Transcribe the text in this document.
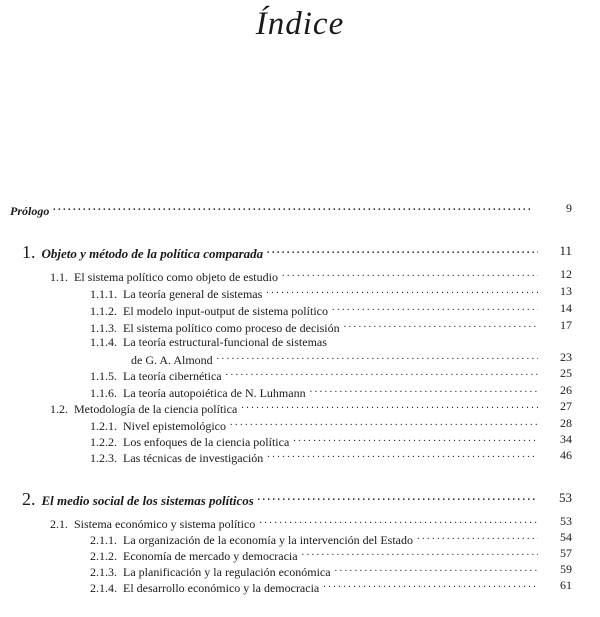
Índice
Prólogo . . .	9
1. Objeto y método de la política comparada . . .	11
1.1. El sistema político como objeto de estudio . . .	12
1.1.1. La teoría general de sistemas . . .	13
1.1.2. El modelo input-output de sistema político . . .	14
1.1.3. El sistema político como proceso de decisión . . .	17
1.1.4. La teoría estructural-funcional de sistemas
de G. A. Almond . . .	23
1.1.5. La teoría cibernética . . .	25
1.1.6. La teoría autopoiética de N. Luhmann . . .	26
1.2. Metodología de la ciencia política . . .	27
1.2.1. Nivel epistemológico . . .	28
1.2.2. Los enfoques de la ciencia política . . .	34
1.2.3. Las técnicas de investigación . . .	46
2. El medio social de los sistemas políticos . . .	53
2.1. Sistema económico y sistema político . . .	53
2.1.1. La organización de la economía y la intervención del Estado . . .	54
2.1.2. Economía de mercado y democracia . . .	57
2.1.3. La planificación y la regulación económica . . .	59
2.1.4. El desarrollo económico y la democracia . . .	61
